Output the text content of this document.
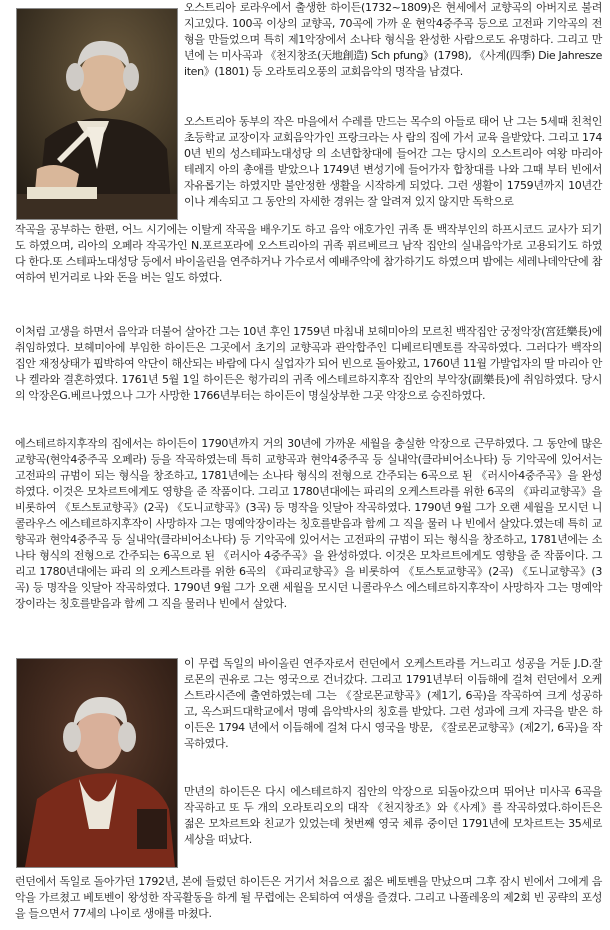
오스트리아 로라우에서 출생한 하이든(1732~1809)은 현세에서 교향곡의 아버지로 불려지고있다. 100곡 이상의 교향곡, 70곡에 가까 운 현악4중주곡 등으로 고전파 기악곡의 전형을 만들었으며 특히 제1악장에서 소나타 형식을 완성한 사람으로도 유명하다. 그리고 만년에 는 미사곡과 《천지창조(天地創造) Sch pfung》(1798), 《사계(四季) Die Jahreszeiten》(1801) 등 오라토리오풍의 교회음악의 명작을 남겼다.

오스트리아 동부의 작은 마을에서 수레를 만드는 목수의 아들로 태어 난 그는 5세때 친척인 초등학교 교장이자 교회음악가인 프랑크라는 사 람의 집에 가서 교육 을받았다. 그리고 1740년 빈의 성스테파노대성당 의 소년합창대에 들어간 그는 당시의 오스트리아 여왕 마리아 테레지 아의 총애를 받았으나 1749년 변성기에 들어가자 합창대를 나와 그때 부터 빈에서 자유롭기는 하였지만 불안정한 생활을 시작하게 되었다. 그런 생활이 1759년까지 10년간이나 계속되고 그 동안의 자세한 경위는 잘 알려져 있지 않지만 독학으로

작곡을 공부하는 한편, 어느 시기에는 이탈게 작곡을 배우기도 하고 음악 애호가인 귀족 툰 백작부인의 하프시코드 교사가 되기도 하였으며, 리아의 오페라 작곡가인 N.포르포라에 오스트리아의 귀족 퓌르베르크 남작 집안의 실내음악가로 고용되기도 하였다 한다.또 스테파노대성당 등에서 바이올린을 연주하거나 가수로서 예배주악에 참가하기도 하였으며 밤에는 세레나데악단에 참여하여 빈거리로 나와 돈을 버는 일도 하였다.

이처럼 고생을 하면서 음악과 더불어 살아간 그는 10년 후인 1759년 마침내 보헤미아의 모르친 백작집안 궁정악장(宮廷樂長)에 취임하였다. 보헤미아에 부임한 하이든은 그곳에서 초기의 교향곡과 관악합주인 디베르티멘토를 작곡하였다. 그러다가 백작의 집안 재정상태가 핍박하여 악단이 해산되는 바람에 다시 실업자가 되어 빈으로 돌아왔고, 1760년 11월 가발업자의 딸 마리아 안나 켈라와 결혼하였다. 1761년 5월 1일 하이든은 헝가리의 귀족 에스테르하지후작 집안의 부악장(副樂長)에 취임하였다. 당시의 악장은G.베르나였으나 그가 사망한 1766년부터는 하이든이 명실상부한 그곳 악장으로 승진하였다.

에스테르하지후작의 집에서는 하이든이 1790년까지 거의 30년에 가까운 세월을 충실한 악장으로 근무하였다. 그 동안에 많은 교향곡(현악4중주곡 오페라) 등을 작곡하였는데 특히 교향곡과 현악4중주곡 등 실내악(클라비어소나타) 등 기악곡에 있어서는 고전파의 규범이 되는 형식을 창조하고, 1781년에는 소나타 형식의 전형으로 간주되는 6곡으로 된 《러시아4중주곡》을 완성하였다. 이것은 모차르트에게도 영향을 준 작품이다. 그리고 1780년대에는 파리의 오케스트라를 위한 6곡의 《파리교향곡》을 비롯하여 《토스토교향곡》(2곡) 《도니교향곡》(3곡) 등 명작을 잇달아 작곡하였다. 1790년 9월 그가 오랜 세월을 모시던 니콜라우스 에스테르하지후작이 사망하자 그는 명예악장이라는 칭호를받음과 함께 그 직을 물러 나 빈에서 살았다.였는데 특히 교향곡과 현악4중주곡 등 실내악(클라비어소나타) 등 기악곡에 있어서는 고전파의 규범이 되는 형식을 창조하고, 1781년에는 소나타 형식의 전형으로 간주되는 6곡으로 된 《러시아 4중주곡》을 완성하였다. 이것은 모차르트에게도 영향을 준 작품이다. 그리고 1780년대에는 파리 의 오케스트라를 위한 6곡의 《파리교향곡》을 비롯하여 《토스토교향곡》(2곡) 《도니교향곡》(3곡) 등 명작을 잇달아 작곡하였다. 1790년 9월 그가 오랜 세월을 모시던 니콜라우스 에스테르하지후작이 사망하자 그는 명예악장이라는 칭호를받음과 함께 그 직을 물러나 빈에서 살았다.

이 무렵 독일의 바이올린 연주자로서 런던에서 오케스트라를 거느리고 성공을 거둔 J.D.잘로몬의 권유로 그는 영국으로 건너갔다. 그리고 1791년부터 이듬해에 걸쳐 런던에서 오케스트라시즌에 출연하였는데 그는 《잘로몬교향곡》(제1기, 6곡)을 작곡하여 크게 성공하고, 옥스퍼드대학교에서 명예 음악박사의 칭호를 받았다. 그런 성과에 크게 자극을 받은 하이든은 1794 년에서 이듬해에 걸쳐 다시 영국을 방문, 《잘로몬교향곡》(제2기, 6곡)을 작곡하였다.

만년의 하이든은 다시 에스테르하지 집안의 악장으로 되돌아갔으며 뛰어난 미사곡 6곡을 작곡하고 또 두 개의 오라토리오의 대작 《천지창조》와《사계》를 작곡하였다.하이든은 젊은 모차르트와 친교가 있었는데 첫번째 영국 체류 중이던 1791년에 모차르트는 35세로 세상을 떠났다.

런던에서 독일로 돌아가던 1792년, 본에 들렀던 하이든은 거기서 처음으로 젊은 베토벤을 만났으며 그후 잠시 빈에서 그에게 음악을 가르쳤고 베토벤이 왕성한 작곡활동을 하게 될 무렵에는 은퇴하여 여생을 즐겼다. 그리고 나폴레옹의 제2회 빈 공략의 포성을 들으면서 77세의 나이로 생애를 마쳤다.
